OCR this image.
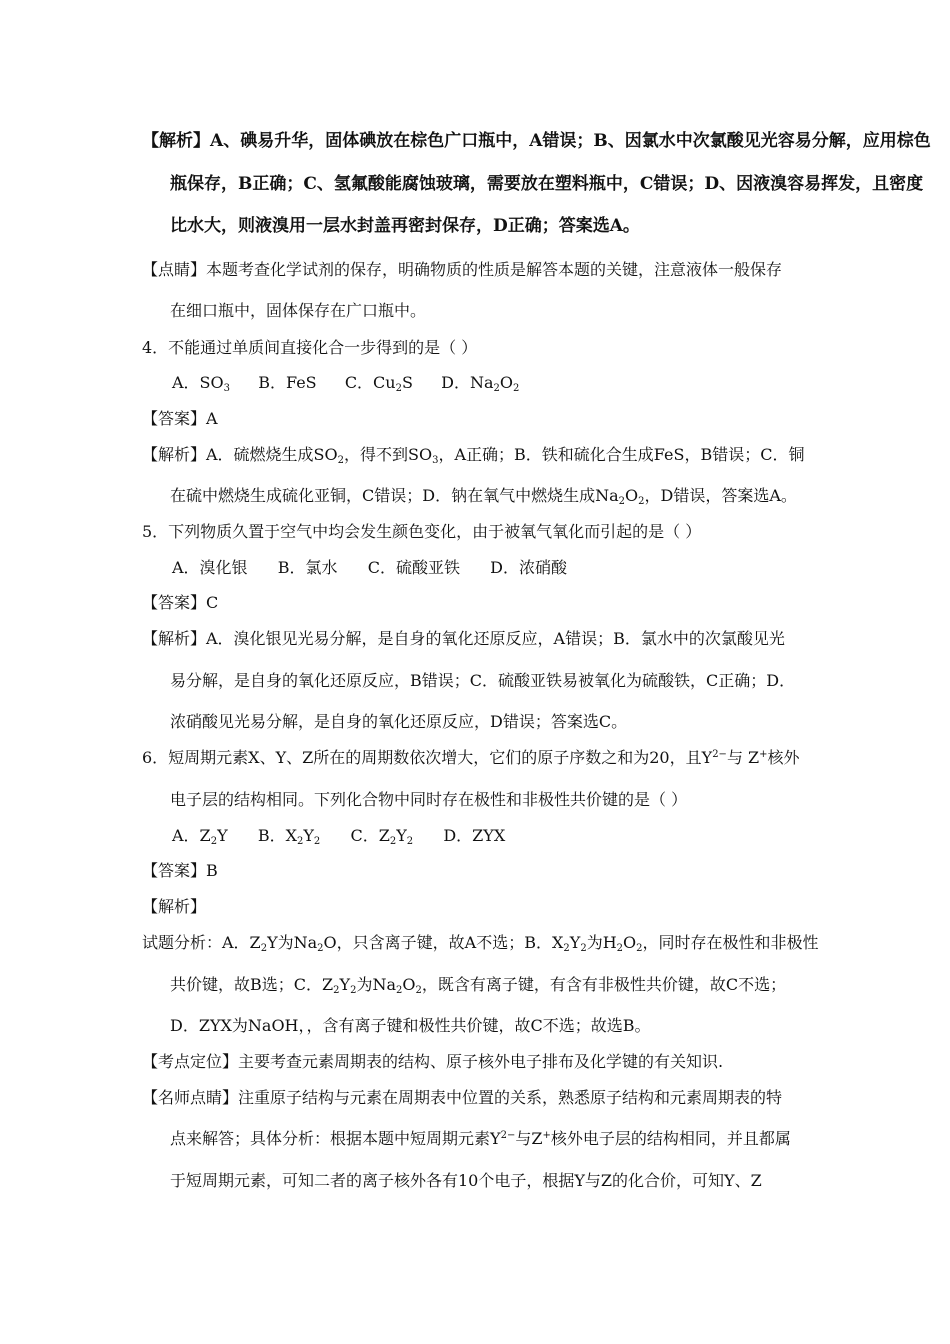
【解析】A、碘易升华，固体碘放在棕色广口瓶中，A错误；B、因氯水中次氯酸见光容易分解，应用棕色
瓶保存，B正确；C、氢氟酸能腐蚀玻璃，需要放在塑料瓶中，C错误；D、因液溴容易挥发，且密度
比水大，则液溴用一层水封盖再密封保存，D正确；答案选A。
【点睛】本题考查化学试剂的保存，明确物质的性质是解答本题的关键，注意液体一般保存
在细口瓶中，固体保存在广口瓶中。
4．不能通过单质间直接化合一步得到的是（ ）
A．$SO_3$ B．FeS C．$Cu_2S$ D．$Na_2O_2$
【答案】A
【解析】A．硫燃烧生成$SO_2$，得不到$SO_3$，A正确；B．铁和硫化合生成FeS，B错误；C．铜
在硫中燃烧生成硫化亚铜，C错误；D．钠在氧气中燃烧生成$Na_2O_2$，D错误，答案选A。
5．下列物质久置于空气中均会发生颜色变化，由于被氧气氧化而引起的是（ ）
A．溴化银 B．氯水 C．硫酸亚铁 D．浓硝酸
【答案】C
【解析】A．溴化银见光易分解，是自身的氧化还原反应，A错误；B．氯水中的次氯酸见光
易分解，是自身的氧化还原反应，B错误；C．硫酸亚铁易被氧化为硫酸铁，C正确；D．
浓硝酸见光易分解，是自身的氧化还原反应，D错误；答案选C。
6．短周期元素X、Y、Z所在的周期数依次增大，它们的原子序数之和为20，且$Y^{2-}$与 Z+核外
电子层的结构相同。下列化合物中同时存在极性和非极性共价键的是（ ）
A．$Z_2Y$ B．$X_2Y_2$ C．$Z_2Y_2$ D．ZYX
【答案】B
【解析】
试题分析：A．$Z_2Y$为$Na_2O$，只含离子键，故A不选；B．$X_2Y_2$为$H_2O_2$，同时存在极性和非极性
共价键，故B选；C．$Z_2Y_2$为$Na_2O_2$，既含有离子键，有含有非极性共价键，故C不选；
D．ZYX为NaOH，，含有离子键和极性共价键，故C不选；故选B。
【考点定位】主要考查元素周期表的结构、原子核外电子排布及化学键的有关知识.
【名师点睛】注重原子结构与元素在周期表中位置的关系，熟悉原子结构和元素周期表的特
点来解答；具体分析：根据本题中短周期元素$Y^{2-}$与Z+核外电子层的结构相同，并且都属
于短周期元素，可知二者的离子核外各有10个电子，根据Y与Z的化合价，可知Y、Z
